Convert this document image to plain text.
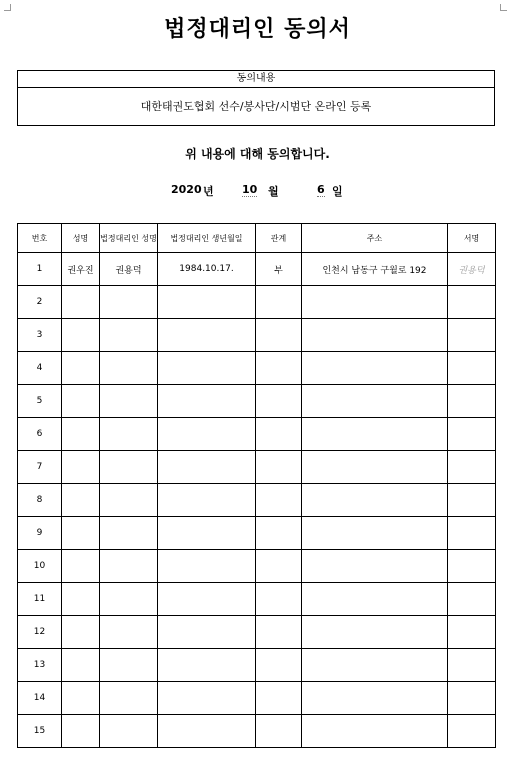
법정대리인 동의서
동의내용
대한태권도협회 선수/봉사단/시범단 온라인 등록
위 내용에 대해 동의합니다.
2020 년	10 월	6 일
번호	성명	법정대리인 성명	법정대리인 생년월일	관계	주소	서명
1	권우진	권용덕	1984.10.17.	부	인천시 남동구 구월로 192	권용덕
2						
3						
4						
5						
6						
7						
8						
9						
10						
11						
12						
13						
14						
15						
